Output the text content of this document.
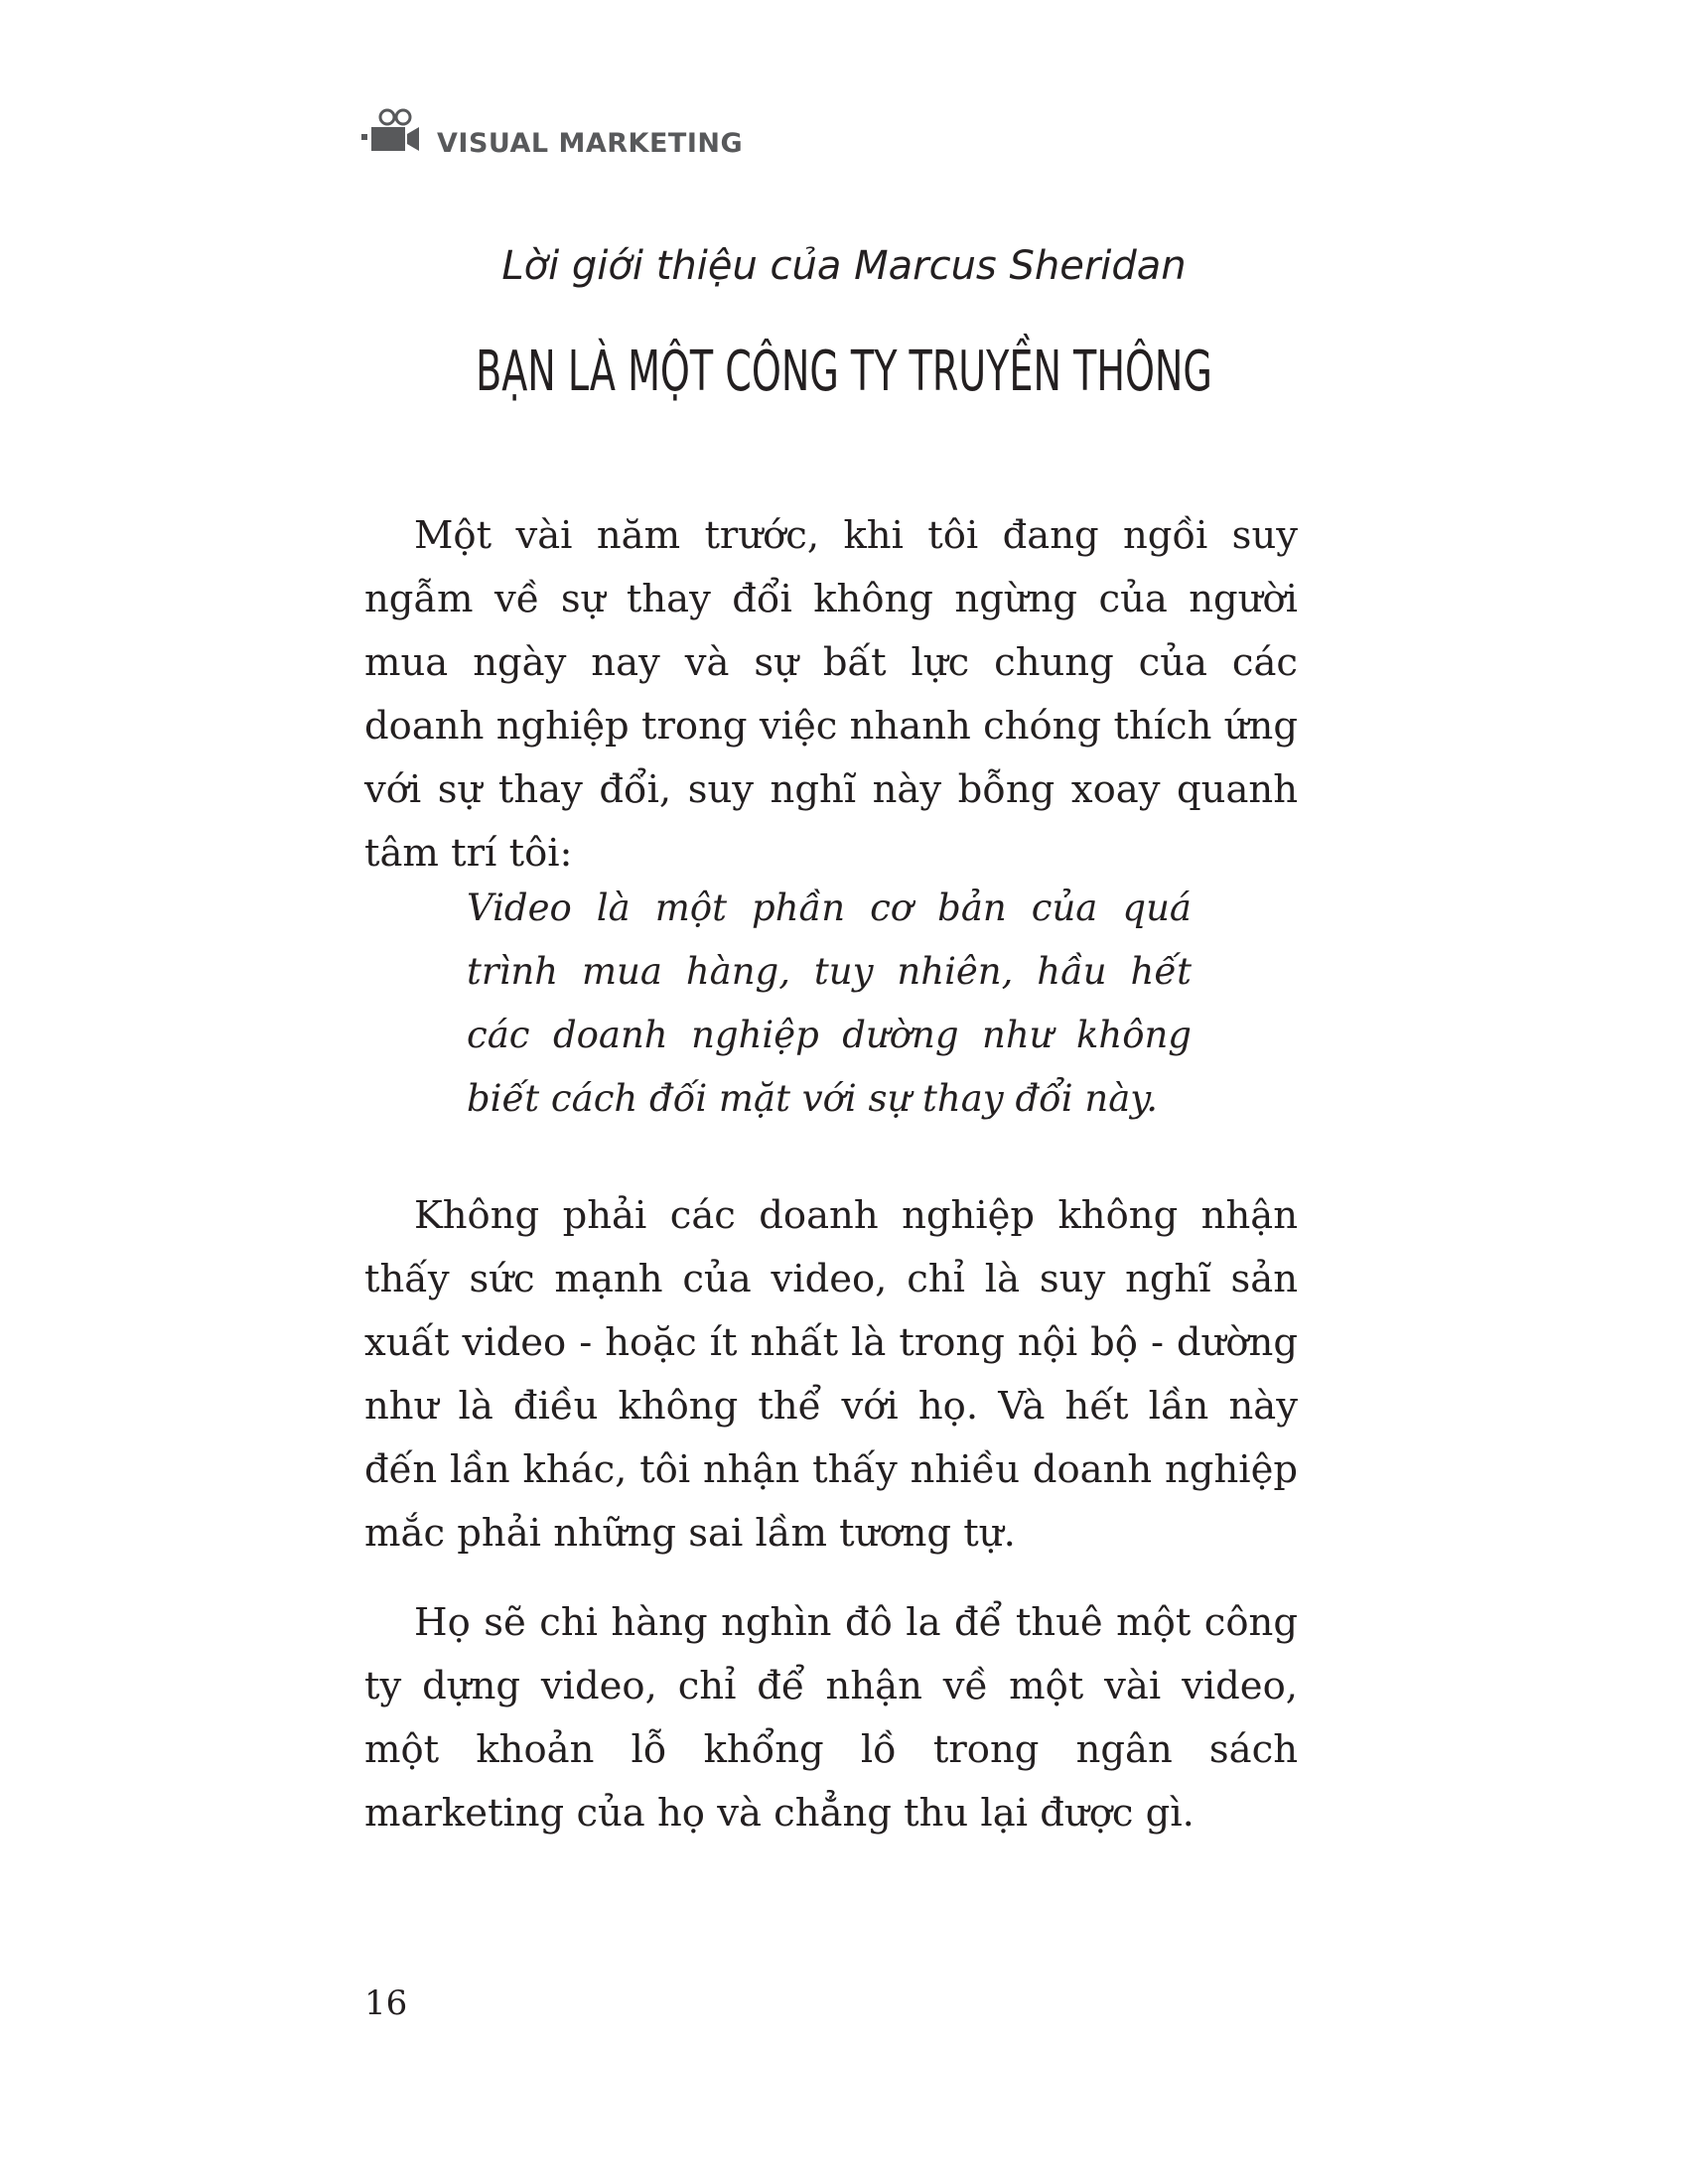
VISUAL MARKETING
Lời giới thiệu của Marcus Sheridan
BẠN LÀ MỘT CÔNG TY TRUYỀN THÔNG

Một vài năm trước, khi tôi đang ngồi suy ngẫm về sự thay đổi không ngừng của người mua ngày nay và sự bất lực chung của các doanh nghiệp trong việc nhanh chóng thích ứng với sự thay đổi, suy nghĩ này bỗng xoay quanh tâm trí tôi:

Video là một phần cơ bản của quá trình mua hàng, tuy nhiên, hầu hết các doanh nghiệp dường như không biết cách đối mặt với sự thay đổi này.

Không phải các doanh nghiệp không nhận thấy sức mạnh của video, chỉ là suy nghĩ sản xuất video - hoặc ít nhất là trong nội bộ - dường như là điều không thể với họ. Và hết lần này đến lần khác, tôi nhận thấy nhiều doanh nghiệp mắc phải những sai lầm tương tự.

Họ sẽ chi hàng nghìn đô la để thuê một công ty dựng video, chỉ để nhận về một vài video, một khoản lỗ khổng lồ trong ngân sách marketing của họ và chẳng thu lại được gì.

16
